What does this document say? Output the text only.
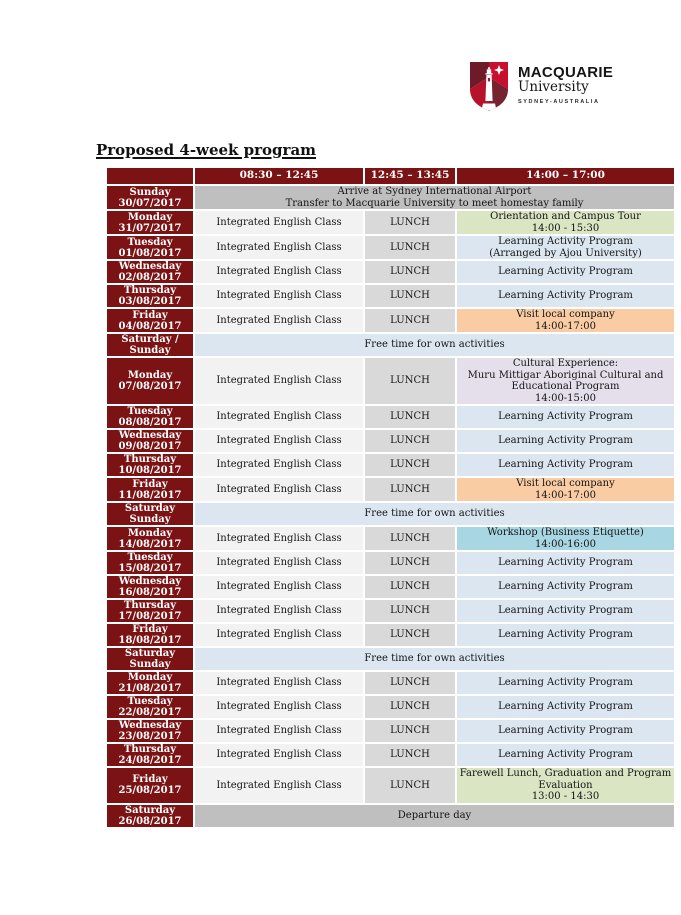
MACQUARIE
University
SYDNEY-AUSTRALIA
Proposed 4-week program
	08:30 – 12:45	12:45 – 13:45	14:00 – 17:00
Sunday
30/07/2017	Arrive at Sydney International Airport
Transfer to Macquarie University to meet homestay family		
Monday
31/07/2017	Integrated English Class	LUNCH	Orientation and Campus Tour
14:00 - 15:30
Tuesday
01/08/2017	Integrated English Class	LUNCH	Learning Activity Program
(Arranged by Ajou University)
Wednesday
02/08/2017	Integrated English Class	LUNCH	Learning Activity Program
Thursday
03/08/2017	Integrated English Class	LUNCH	Learning Activity Program
Friday
04/08/2017	Integrated English Class	LUNCH	Visit local company
14:00-17:00
Saturday /
Sunday	Free time for own activities		
Monday
07/08/2017	Integrated English Class	LUNCH	Cultural Experience:
Muru Mittigar Aboriginal Cultural and
Educational Program
14:00-15:00
Tuesday
08/08/2017	Integrated English Class	LUNCH	Learning Activity Program
Wednesday
09/08/2017	Integrated English Class	LUNCH	Learning Activity Program
Thursday
10/08/2017	Integrated English Class	LUNCH	Learning Activity Program
Friday
11/08/2017	Integrated English Class	LUNCH	Visit local company
14:00-17:00
Saturday
Sunday	Free time for own activities		
Monday
14/08/2017	Integrated English Class	LUNCH	Workshop (Business Etiquette)
14:00-16:00
Tuesday
15/08/2017	Integrated English Class	LUNCH	Learning Activity Program
Wednesday
16/08/2017	Integrated English Class	LUNCH	Learning Activity Program
Thursday
17/08/2017	Integrated English Class	LUNCH	Learning Activity Program
Friday
18/08/2017	Integrated English Class	LUNCH	Learning Activity Program
Saturday
Sunday	Free time for own activities		
Monday
21/08/2017	Integrated English Class	LUNCH	Learning Activity Program
Tuesday
22/08/2017	Integrated English Class	LUNCH	Learning Activity Program
Wednesday
23/08/2017	Integrated English Class	LUNCH	Learning Activity Program
Thursday
24/08/2017	Integrated English Class	LUNCH	Learning Activity Program
Friday
25/08/2017	Integrated English Class	LUNCH	Farewell Lunch, Graduation and Program
Evaluation
13:00 - 14:30
Saturday
26/08/2017	Departure day		
